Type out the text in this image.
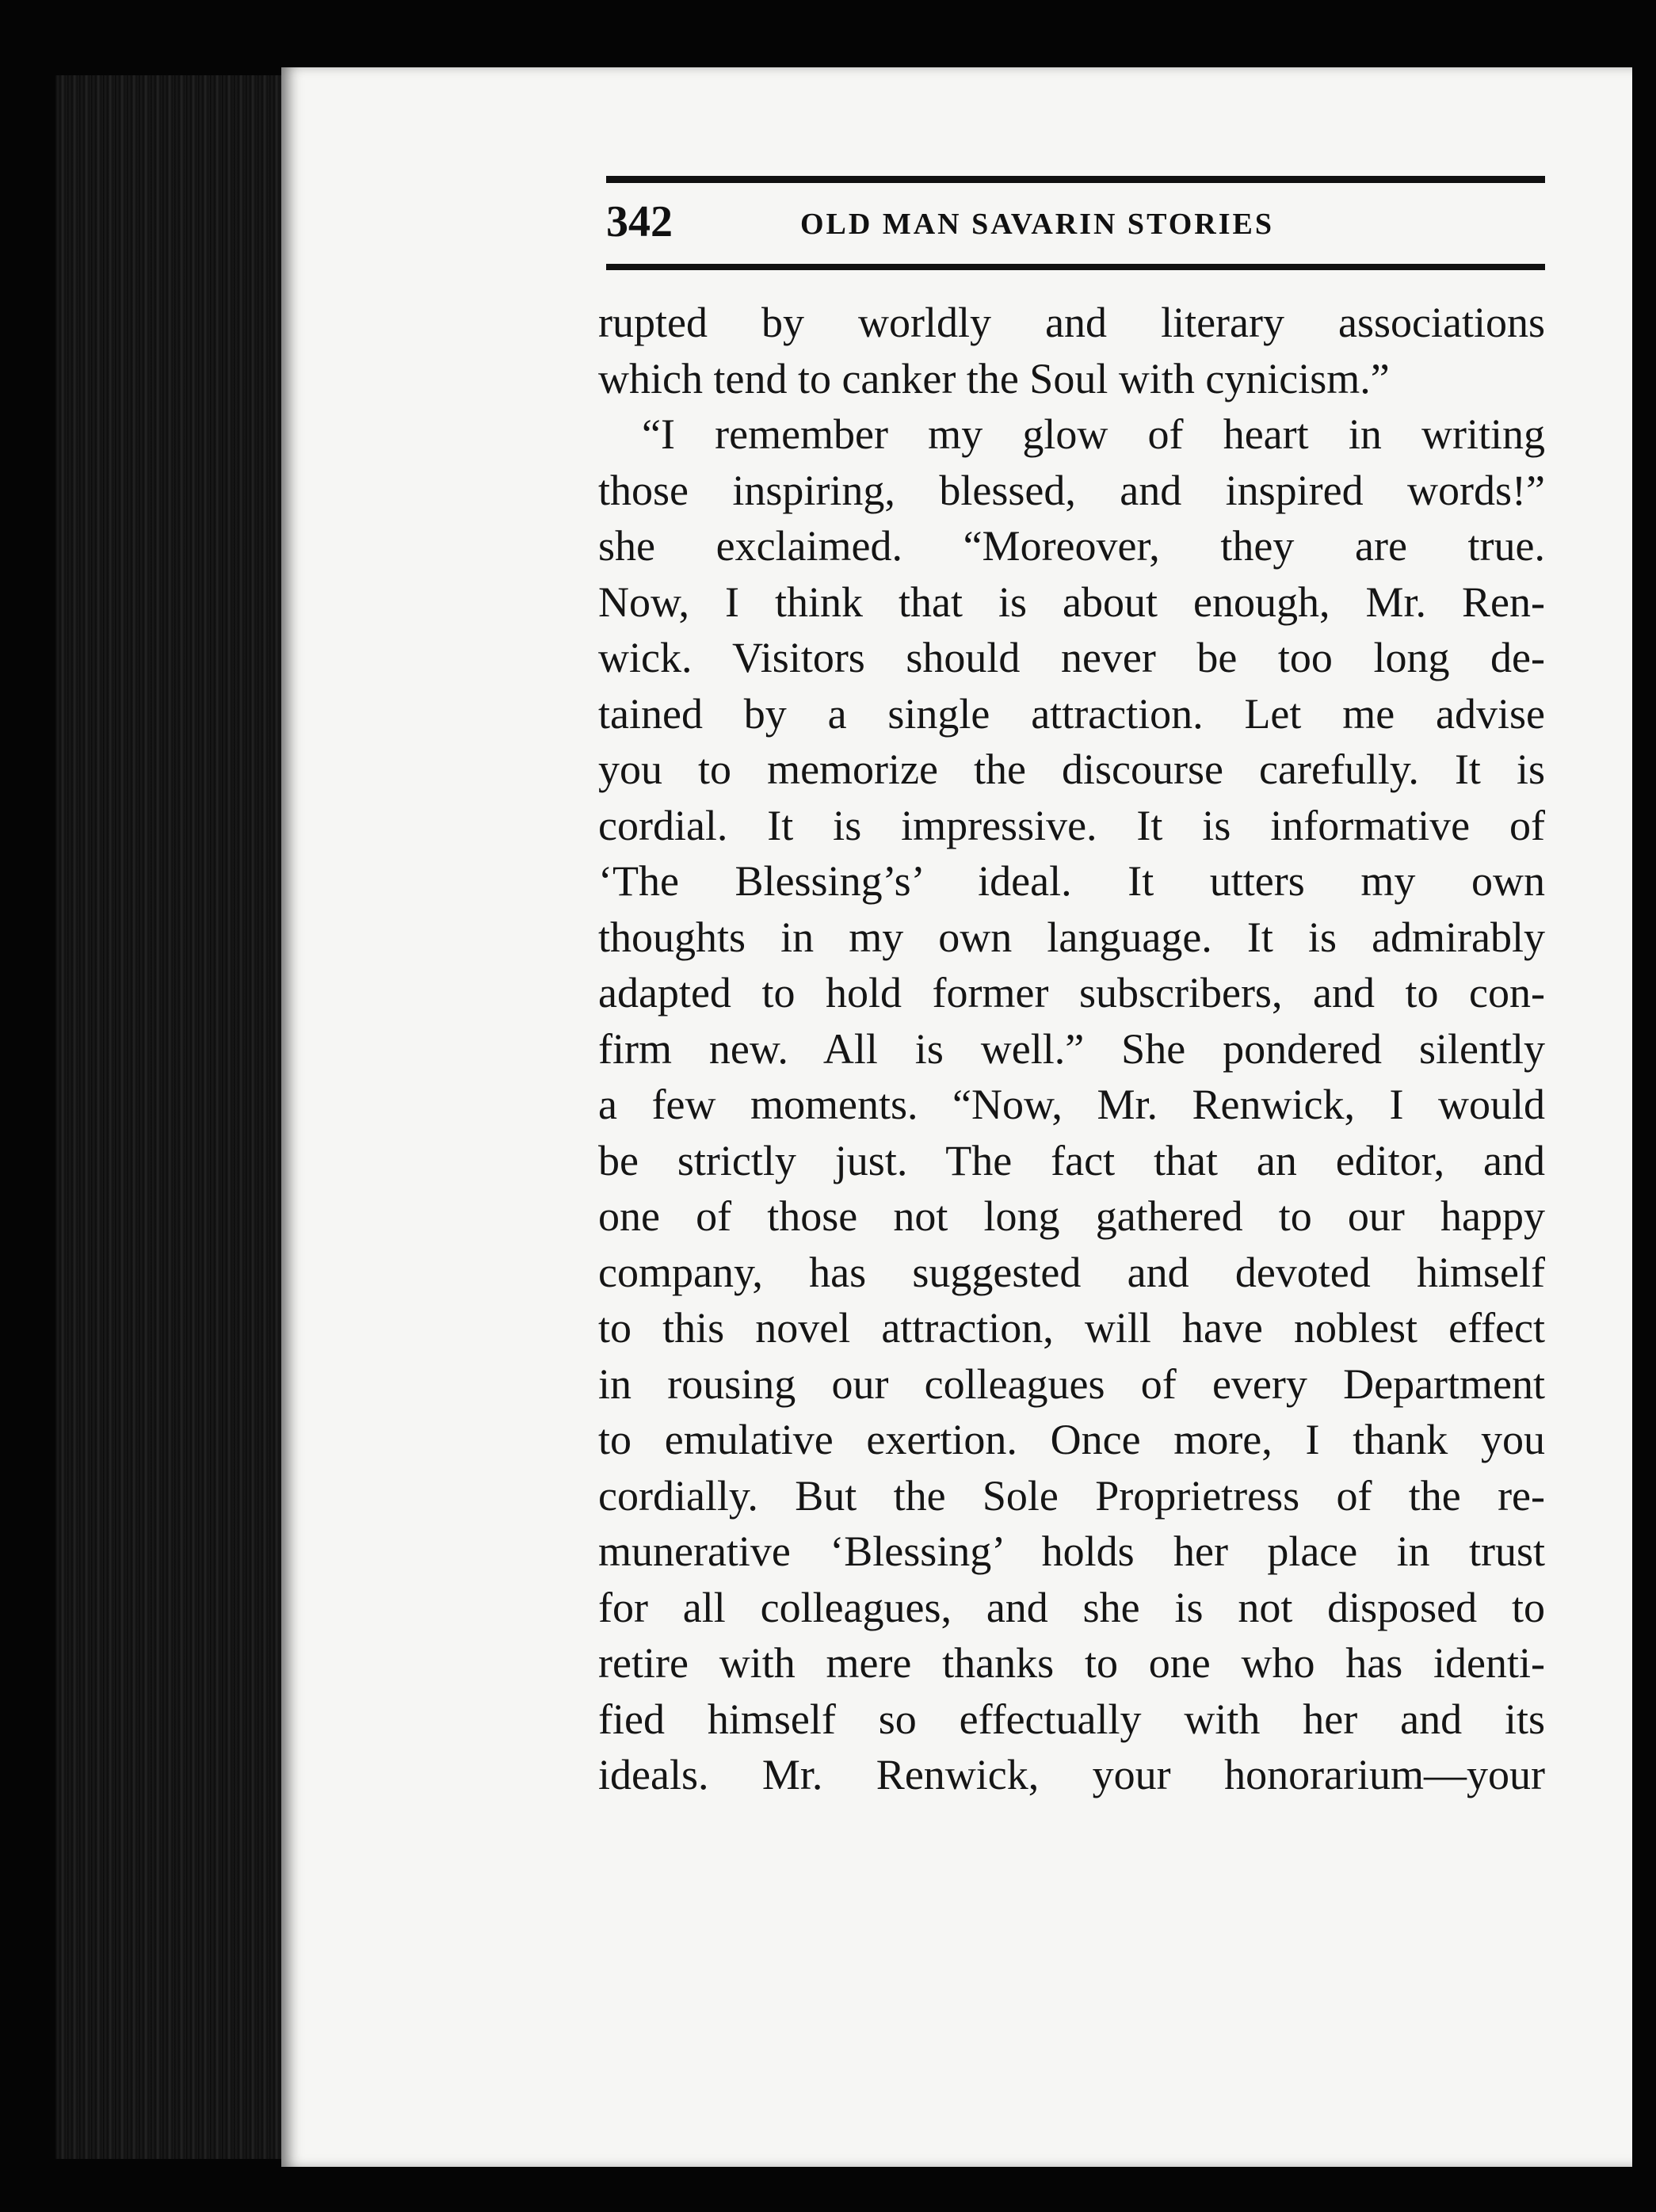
342	OLD MAN SAVARIN STORIES
rupted by worldly and literary associations
which tend to canker the Soul with cynicism.”
“I remember my glow of heart in writing
those inspiring, blessed, and inspired words!”
she exclaimed. “Moreover, they are true.
Now, I think that is about enough, Mr. Ren-
wick. Visitors should never be too long de-
tained by a single attraction. Let me advise
you to memorize the discourse carefully. It is
cordial. It is impressive. It is informative of
‘The Blessing’s’ ideal. It utters my own
thoughts in my own language. It is admirably
adapted to hold former subscribers, and to con-
firm new. All is well.” She pondered silently
a few moments. “Now, Mr. Renwick, I would
be strictly just. The fact that an editor, and
one of those not long gathered to our happy
company, has suggested and devoted himself
to this novel attraction, will have noblest effect
in rousing our colleagues of every Department
to emulative exertion. Once more, I thank you
cordially. But the Sole Proprietress of the re-
munerative ‘Blessing’ holds her place in trust
for all colleagues, and she is not disposed to
retire with mere thanks to one who has identi-
fied himself so effectually with her and its
ideals. Mr. Renwick, your honorarium—your
